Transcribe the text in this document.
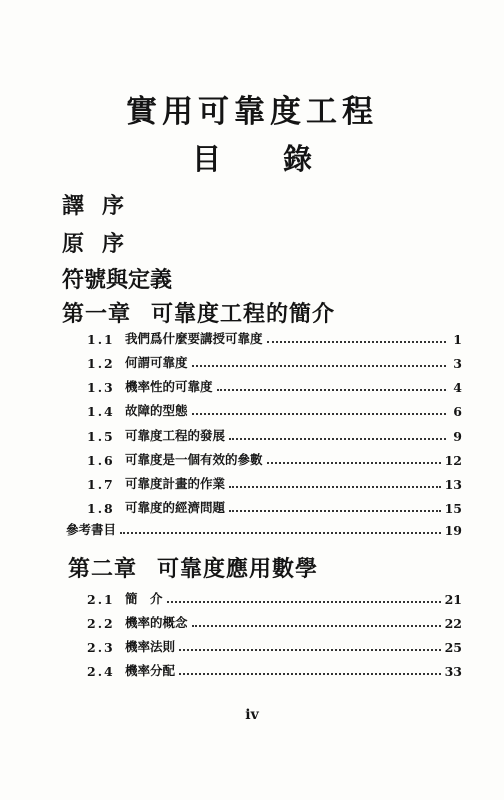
實用可靠度工程
目錄
譯序
原序
符號與定義
第一章 可靠度工程的簡介
1.1 我們爲什麼要講授可靠度	1
1.2 何謂可靠度	3
1.3 機率性的可靠度	4
1.4 故障的型態	6
1.5 可靠度工程的發展	9
1.6 可靠度是一個有效的參數	12
1.7 可靠度計畫的作業	13
1.8 可靠度的經濟問題	15
參考書目	19
第二章 可靠度應用數學
2.1 簡　介	21
2.2 機率的概念	22
2.3 機率法則	25
2.4 機率分配	33
iv
